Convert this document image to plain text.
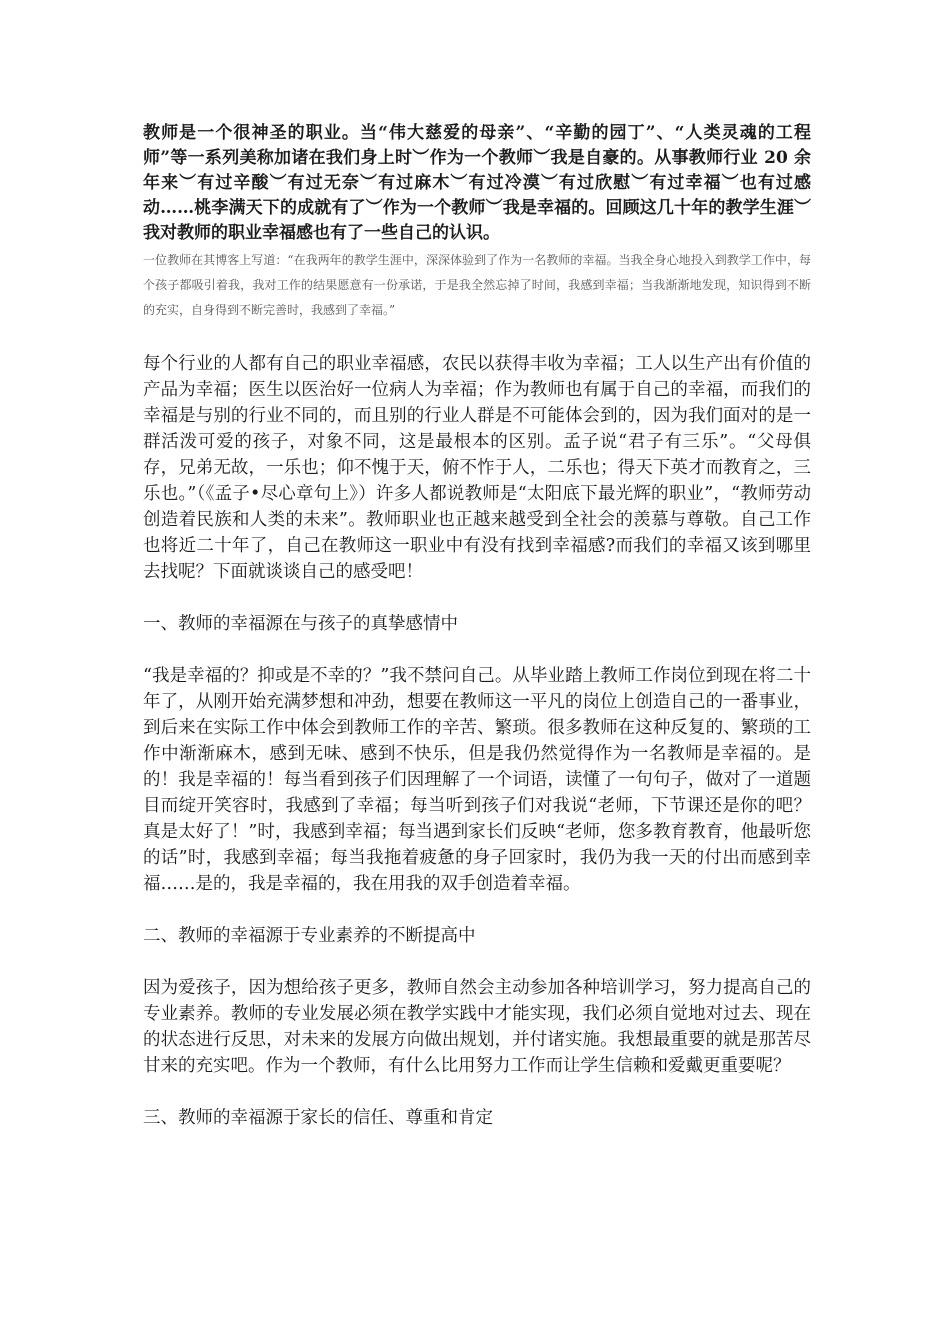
教师是一个很神圣的职业。当“伟大慈爱的母亲”、“辛勤的园丁”、“人类灵魂的工程师”等一系列美称加诸在我们身上时︶作为一个教师︶我是自豪的。从事教师行业 20 余年来︶有过辛酸︶有过无奈︶有过麻木︶有过冷漠︶有过欣慰︶有过幸福︶也有过感动……桃李满天下的成就有了︶作为一个教师︶我是幸福的。回顾这几十年的教学生涯︶我对教师的职业幸福感也有了一些自己的认识。

一位教师在其博客上写道：“在我两年的教学生涯中，深深体验到了作为一名教师的幸福。当我全身心地投入到教学工作中，每个孩子都吸引着我，我对工作的结果愿意有一份承诺，于是我全然忘掉了时间，我感到幸福；当我渐渐地发现，知识得到不断的充实，自身得到不断完善时，我感到了幸福。”

每个行业的人都有自己的职业幸福感，农民以获得丰收为幸福；工人以生产出有价值的产品为幸福；医生以医治好一位病人为幸福；作为教师也有属于自己的幸福，而我们的幸福是与别的行业不同的，而且别的行业人群是不可能体会到的，因为我们面对的是一群活泼可爱的孩子，对象不同，这是最根本的区别。孟子说“君子有三乐”。“父母俱存，兄弟无故，一乐也；仰不愧于天，俯不怍于人，二乐也；得天下英才而教育之，三乐也。”（《孟子•尽心章句上》）许多人都说教师是“太阳底下最光辉的职业”，“教师劳动创造着民族和人类的未来”。教师职业也正越来越受到全社会的羡慕与尊敬。自己工作也将近二十年了，自己在教师这一职业中有没有找到幸福感?而我们的幸福又该到哪里去找呢？下面就谈谈自己的感受吧！

一、教师的幸福源在与孩子的真挚感情中

“我是幸福的？抑或是不幸的？”我不禁问自己。从毕业踏上教师工作岗位到现在将二十年了，从刚开始充满梦想和冲劲，想要在教师这一平凡的岗位上创造自己的一番事业，到后来在实际工作中体会到教师工作的辛苦、繁琐。很多教师在这种反复的、繁琐的工作中渐渐麻木，感到无味、感到不快乐，但是我仍然觉得作为一名教师是幸福的。是的！我是幸福的！每当看到孩子们因理解了一个词语，读懂了一句句子，做对了一道题目而绽开笑容时，我感到了幸福；每当听到孩子们对我说“老师，下节课还是你的吧？真是太好了！”时，我感到幸福；每当遇到家长们反映“老师，您多教育教育，他最听您的话”时，我感到幸福；每当我拖着疲惫的身子回家时，我仍为我一天的付出而感到幸福……是的，我是幸福的，我在用我的双手创造着幸福。

二、教师的幸福源于专业素养的不断提高中

因为爱孩子，因为想给孩子更多，教师自然会主动参加各种培训学习，努力提高自己的专业素养。教师的专业发展必须在教学实践中才能实现，我们必须自觉地对过去、现在的状态进行反思，对未来的发展方向做出规划，并付诸实施。我想最重要的就是那苦尽甘来的充实吧。作为一个教师，有什么比用努力工作而让学生信赖和爱戴更重要呢？

三、教师的幸福源于家长的信任、尊重和肯定
